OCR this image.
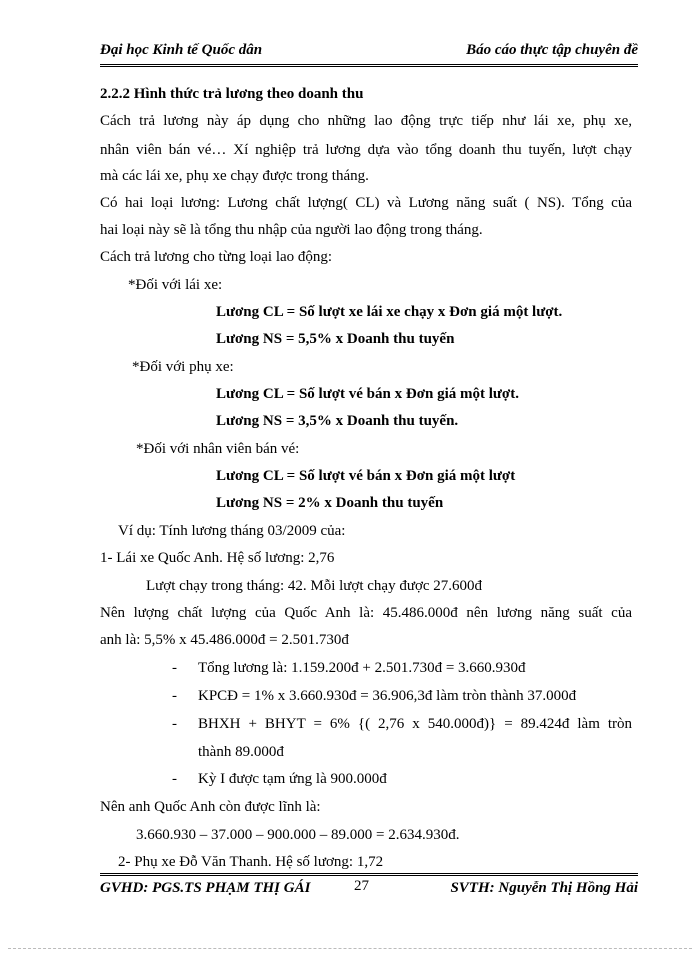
Đại học Kinh tế Quốc dân	Báo cáo thực tập chuyên đề
2.2.2 Hình thức trả lương theo doanh thu
Cách trả lương này áp dụng cho những lao động trực tiếp như lái xe, phụ xe,
nhân viên bán vé… Xí nghiệp trả lương dựa vào tổng doanh thu tuyến, lượt chạy
mà các lái xe, phụ xe chạy được trong tháng.
Có hai loại lương: Lương chất lượng( CL) và Lương năng suất ( NS). Tổng của
hai loại này sẽ là tổng thu nhập của người lao động trong tháng.
Cách trả lương cho từng loại lao động:
*Đối với lái xe:
Lương CL = Số lượt xe lái xe chạy x Đơn giá một lượt.
Lương NS = 5,5% x Doanh thu tuyến
*Đối với phụ xe:
Lương CL = Số lượt vé bán x Đơn giá một lượt.
Lương NS = 3,5% x Doanh thu tuyến.
*Đối với nhân viên bán vé:
Lương CL = Số lượt vé bán x Đơn giá một lượt
Lương NS = 2% x Doanh thu tuyến
Ví dụ: Tính lương tháng 03/2009 của:
1- Lái xe Quốc Anh. Hệ số lương: 2,76
Lượt chạy trong tháng: 42. Mỗi lượt chạy được 27.600đ
Nên lượng chất lượng của Quốc Anh là: 45.486.000đ nên lương năng suất của
anh là: 5,5% x 45.486.000đ = 2.501.730đ
- Tổng lương là: 1.159.200đ + 2.501.730đ = 3.660.930đ
- KPCĐ = 1% x 3.660.930đ = 36.906,3đ làm tròn thành 37.000đ
- BHXH + BHYT = 6% {( 2,76 x 540.000đ)} = 89.424đ làm tròn
thành 89.000đ
- Kỳ I được tạm ứng là 900.000đ
Nên anh Quốc Anh còn được lĩnh là:
3.660.930 – 37.000 – 900.000 – 89.000 = 2.634.930đ.
2- Phụ xe Đỗ Văn Thanh. Hệ số lương: 1,72
GVHD: PGS.TS PHẠM THỊ GÁI	27	SVTH: Nguyễn Thị Hồng Hải
